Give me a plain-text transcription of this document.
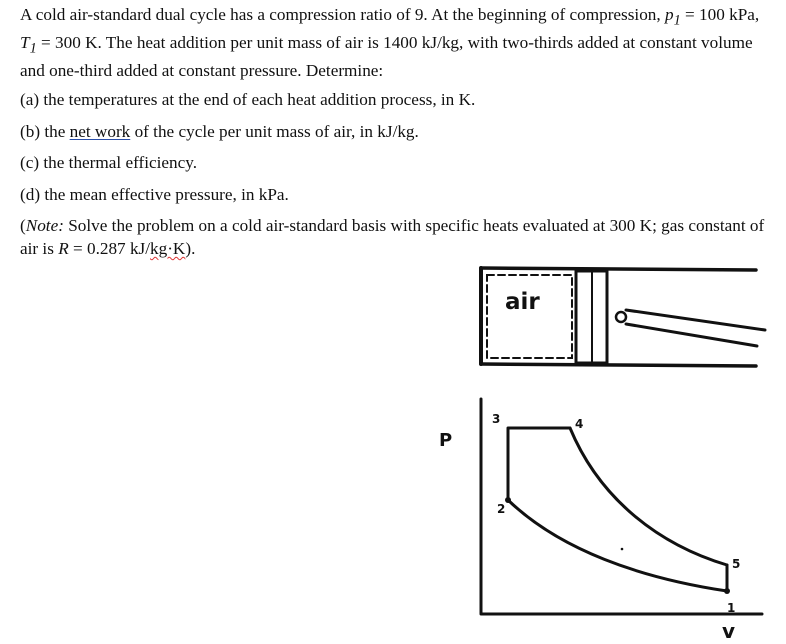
A cold air-standard dual cycle has a compression ratio of 9. At the beginning of compression, $p_1 = 100$ kPa, $T_1 = 300$ K. The heat addition per unit mass of air is 1400 kJ/kg, with two-thirds added at constant volume and one-third added at constant pressure. Determine:

(a) the temperatures at the end of each heat addition process, in K.

(b) the net work of the cycle per unit mass of air, in kJ/kg.

(c) the thermal efficiency.

(d) the mean effective pressure, in kPa.

(Note: Solve the problem on a cold air-standard basis with specific heats evaluated at 300 K; gas constant of air is R = 0.287 kJ/kg·K).

air
P
v
1
2
3	4
5
